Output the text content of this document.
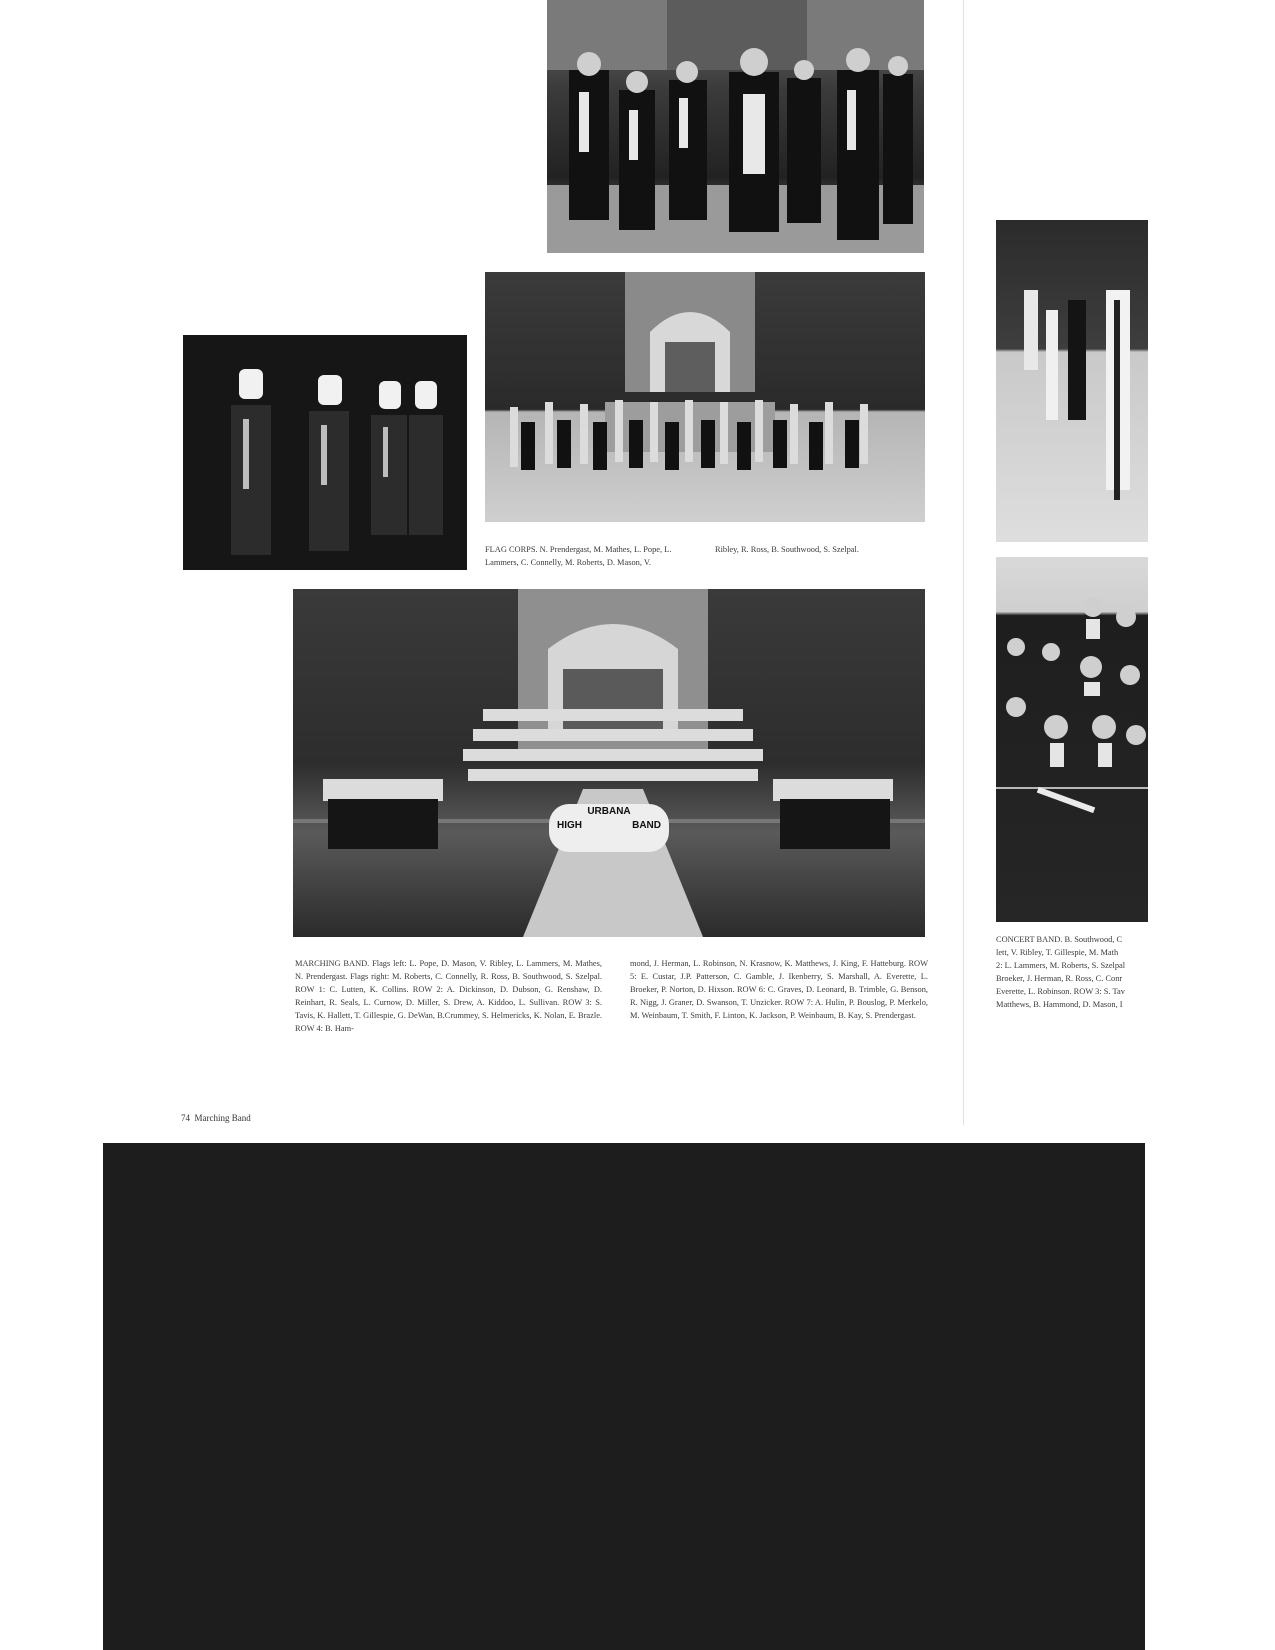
FLAG CORPS. N. Prendergast, M. Mathes, L. Pope, L. Lammers, C. Connelly, M. Roberts, D. Mason, V.

Ribley, R. Ross, B. Southwood, S. Szelpal.

URBANA
HIGH	BAND

MARCHING BAND. Flags left: L. Pope, D. Mason, V. Ribley, L. Lammers, M. Mathes, N. Prendergast. Flags right: M. Roberts, C. Connelly, R. Ross, B. Southwood, S. Szelpal. ROW 1: C. Lutten, K. Collins. ROW 2: A. Dickinson, D. Dubson, G. Renshaw, D. Reinhart, R. Seals, L. Curnow, D. Miller, S. Drew, A. Kiddoo, L. Sullivan. ROW 3: S. Tavis, K. Hallett, T. Gillespie, G. DeWan, B.Crummey, S. Helmericks, K. Nolan, E. Brazle. ROW 4: B. Ham-

mond, J. Herman, L. Robinson, N. Krasnow, K. Matthews, J. King, F. Hatteburg. ROW 5: E. Custar, J.P. Patterson, C. Gamble, J. Ikenberry, S. Marshall, A. Everette, L. Broeker, P. Norton, D. Hixson. ROW 6: C. Graves, D. Leonard, B. Trimble, G. Benson, R. Nigg, J. Graner, D. Swanson, T. Unzicker. ROW 7: A. Hulin, P. Bouslog, P. Merkelo, M. Weinbaum, T. Smith, F. Linton, K. Jackson, P. Weinbaum, B. Kay, S. Prendergast.

CONCERT BAND. B. Southwood, C

lett, V. Ribley, T. Gillespie, M. Math

2: L. Lammers, M. Roberts, S. Szelpal

Broeker, J. Herman, R. Ross, C. Conr

Everette, L. Robinson. ROW 3: S. Tav

Matthews, B. Hammond, D. Mason, I

74 Marching Band
